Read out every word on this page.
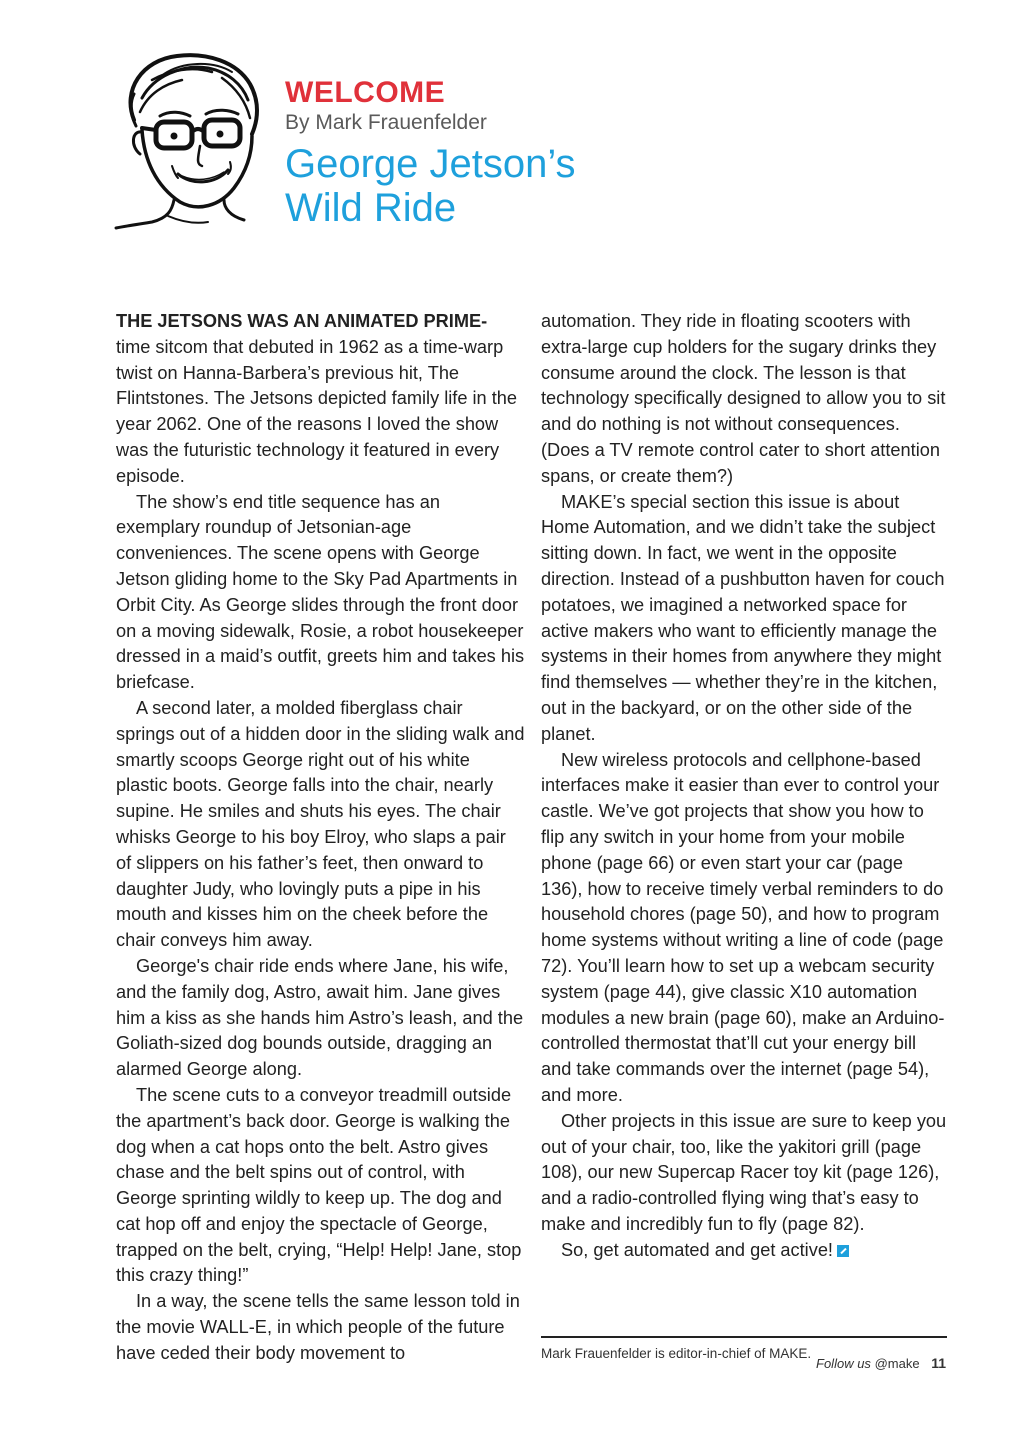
WELCOME
By Mark Frauenfelder
George Jetson’s
Wild Ride

THE JETSONS WAS AN ANIMATED PRIME-
time sitcom that debuted in 1962 as a time-warp twist on Hanna-Barbera’s previous hit, The Flintstones. The Jetsons depicted family life in the year 2062. One of the reasons I loved the show was the futuristic technology it featured in every episode.

The show’s end title sequence has an exemplary roundup of Jetsonian-age conveniences. The scene opens with George Jetson gliding home to the Sky Pad Apartments in Orbit City. As George slides through the front door on a moving sidewalk, Rosie, a robot housekeeper dressed in a maid’s outfit, greets him and takes his briefcase.

A second later, a molded fiberglass chair springs out of a hidden door in the sliding walk and smartly scoops George right out of his white plastic boots. George falls into the chair, nearly supine. He smiles and shuts his eyes. The chair whisks George to his boy Elroy, who slaps a pair of slippers on his father’s feet, then onward to daughter Judy, who lovingly puts a pipe in his mouth and kisses him on the cheek before the chair conveys him away.

George's chair ride ends where Jane, his wife, and the family dog, Astro, await him. Jane gives him a kiss as she hands him Astro’s leash, and the Goliath-sized dog bounds outside, dragging an alarmed George along.

The scene cuts to a conveyor treadmill outside the apartment’s back door. George is walking the dog when a cat hops onto the belt. Astro gives chase and the belt spins out of control, with George sprinting wildly to keep up. The dog and cat hop off and enjoy the spectacle of George, trapped on the belt, crying, “Help! Help! Jane, stop this crazy thing!”

In a way, the scene tells the same lesson told in the movie WALL-E, in which people of the future have ceded their body movement to

automation. They ride in floating scooters with extra-large cup holders for the sugary drinks they consume around the clock. The lesson is that technology specifically designed to allow you to sit and do nothing is not without consequences. (Does a TV remote control cater to short attention spans, or create them?)

MAKE’s special section this issue is about Home Automation, and we didn’t take the subject sitting down. In fact, we went in the opposite direction. Instead of a pushbutton haven for couch potatoes, we imagined a networked space for active makers who want to efficiently manage the systems in their homes from anywhere they might find themselves — whether they’re in the kitchen, out in the backyard, or on the other side of the planet.

New wireless protocols and cellphone-based interfaces make it easier than ever to control your castle. We’ve got projects that show you how to flip any switch in your home from your mobile phone (page 66) or even start your car (page 136), how to receive timely verbal reminders to do household chores (page 50), and how to program home systems without writing a line of code (page 72). You’ll learn how to set up a webcam security system (page 44), give classic X10 automation modules a new brain (page 60), make an Arduino-controlled thermostat that’ll cut your energy bill and take commands over the internet (page 54), and more.

Other projects in this issue are sure to keep you out of your chair, too, like the yakitori grill (page 108), our new Supercap Racer toy kit (page 126), and a radio-controlled flying wing that’s easy to make and incredibly fun to fly (page 82).

So, get automated and get active!

Mark Frauenfelder is editor-in-chief of MAKE.
Follow us @make 11
